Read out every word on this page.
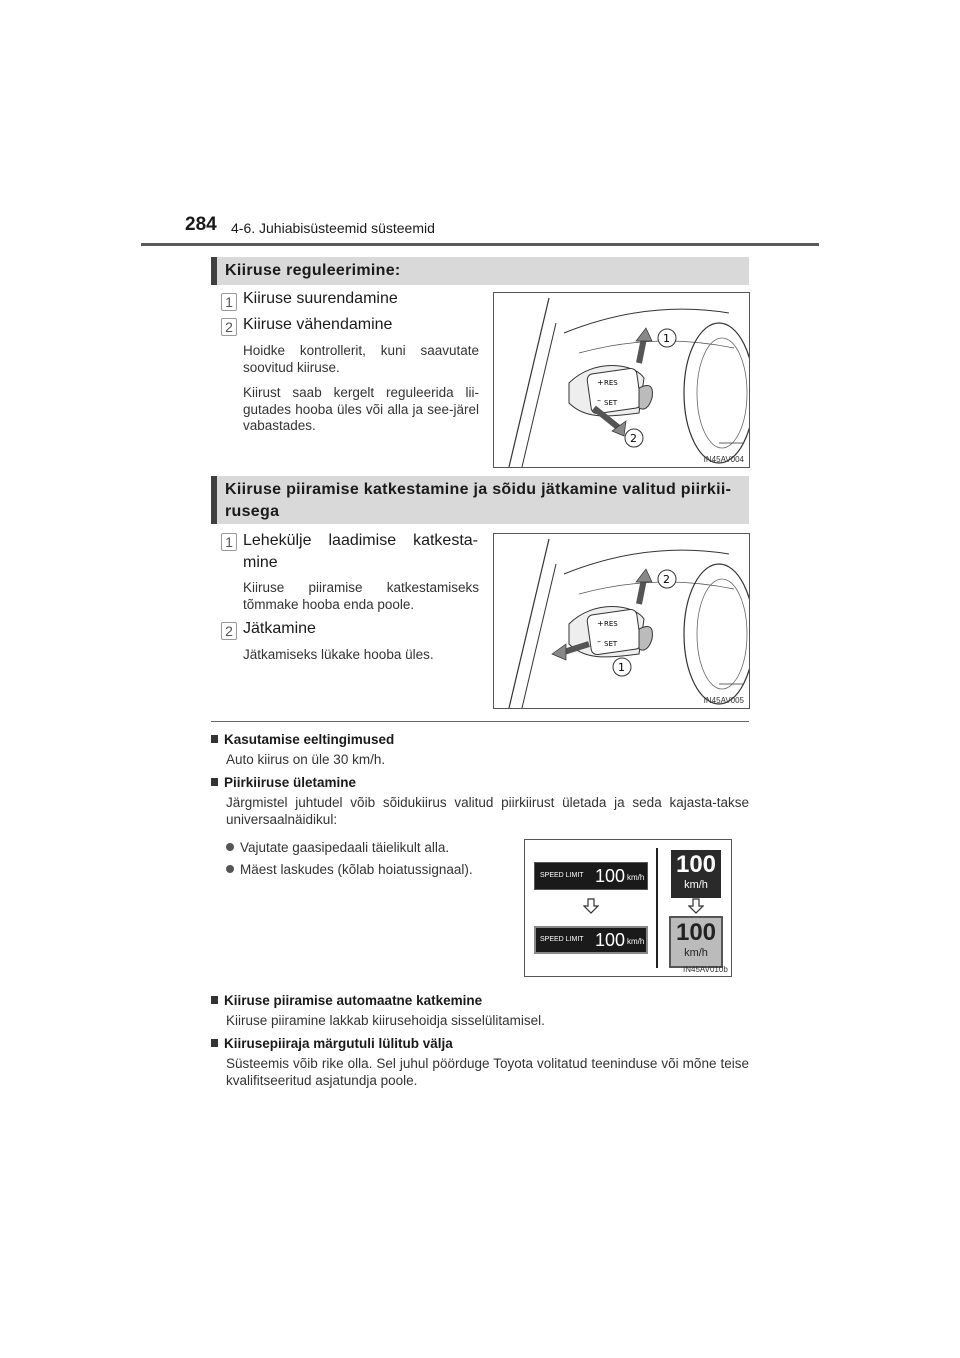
284 4-6. Juhiabisüsteemid süsteemid
Kiiruse reguleerimine:
1 Kiiruse suurendamine
2 Kiiruse vähendamine
Hoidke kontrollerit, kuni saavutate soovitud kiiruse.
Kiirust saab kergelt reguleerida lii-gutades hooba üles või alla ja see-järel vabastades.
RES
+
SET
–
1
2
IN45AV004
Kiiruse piiramise katkestamine ja sõidu jätkamine valitud piirkii-
rusega
1 Lehekülje laadimise katkesta-
mine
Kiiruse piiramise katkestamiseks tõmmake hooba enda poole.
2 Jätkamine
Jätkamiseks lükake hooba üles.
RES
+
SET
–
2
1
IN45AV005
Kasutamise eeltingimused
Auto kiirus on üle 30 km/h.
Piirkiiruse ületamine
Järgmistel juhtudel võib sõidukiirus valitud piirkiirust ületada ja seda kajasta-takse universaalnäidikul:
Vajutate gaasipedaali täielikult alla.
Mäest laskudes (kõlab hoiatussignaal).	SPEED LIMIT 100 km/h
SPEED LIMIT 100 km/h
100
km/h
100
km/h
IN45AV010b
Kiiruse piiramise automaatne katkemine
Kiiruse piiramine lakkab kiirusehoidja sisselülitamisel.
Kiirusepiiraja märgutuli lülitub välja
Süsteemis võib rike olla. Sel juhul pöörduge Toyota volitatud teeninduse või mõne teise kvalifitseeritud asjatundja poole.
